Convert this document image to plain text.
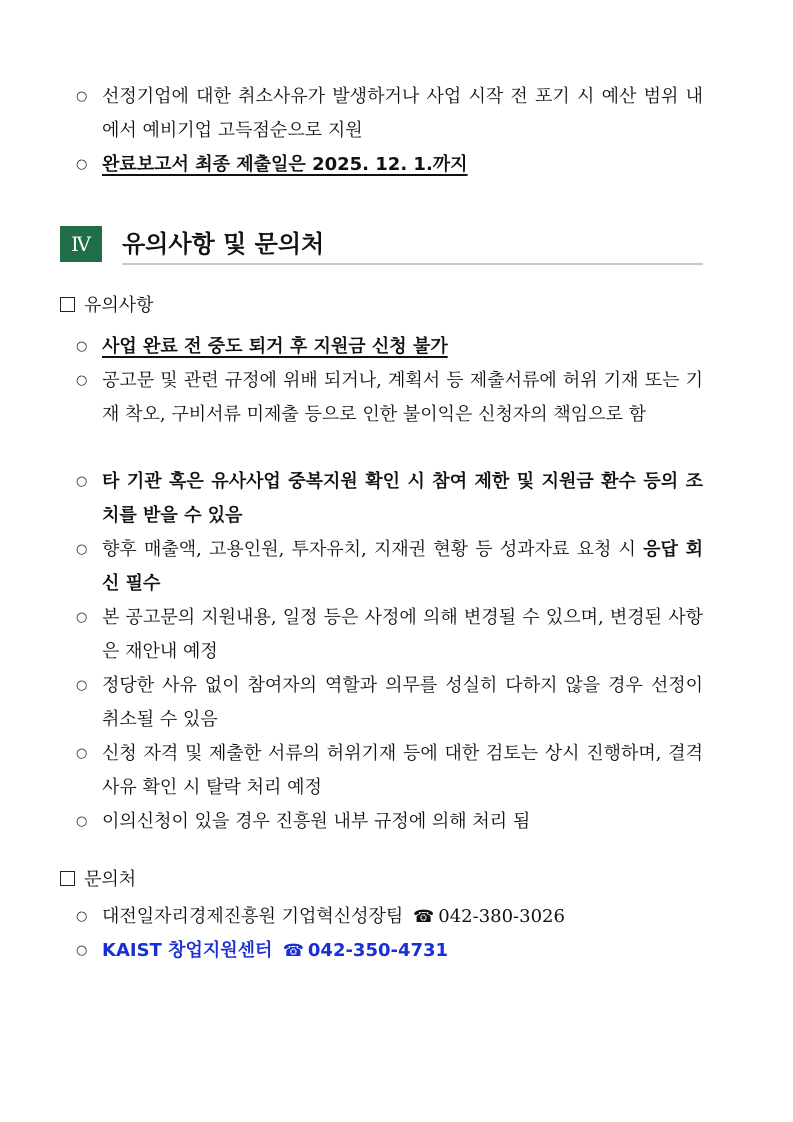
○ 선정기업에 대한 취소사유가 발생하거나 사업 시작 전 포기 시 예산 범위 내에서 예비기업 고득점순으로 지원
○ 완료보고서 최종 제출일은 2025. 12. 1.까지
Ⅳ	유의사항 및 문의처
유의사항
○ 사업 완료 전 중도 퇴거 후 지원금 신청 불가
○ 공고문 및 관련 규정에 위배 되거나, 계획서 등 제출서류에 허위 기재 또는 기재 착오, 구비서류 미제출 등으로 인한 불이익은 신청자의 책임으로 함
○ 타 기관 혹은 유사사업 중복지원 확인 시 참여 제한 및 지원금 환수 등의 조치를 받을 수 있음
○ 향후 매출액, 고용인원, 투자유치, 지재권 현황 등 성과자료 요청 시 응답 회신 필수
○ 본 공고문의 지원내용, 일정 등은 사정에 의해 변경될 수 있으며, 변경된 사항은 재안내 예정
○ 정당한 사유 없이 참여자의 역할과 의무를 성실히 다하지 않을 경우 선정이 취소될 수 있음
○ 신청 자격 및 제출한 서류의 허위기재 등에 대한 검토는 상시 진행하며, 결격사유 확인 시 탈락 처리 예정
○ 이의신청이 있을 경우 진흥원 내부 규정에 의해 처리 됨
문의처
○ 대전일자리경제진흥원 기업혁신성장팀 ☎ 042-380-3026
○ KAIST 창업지원센터 ☎ 042-350-4731
